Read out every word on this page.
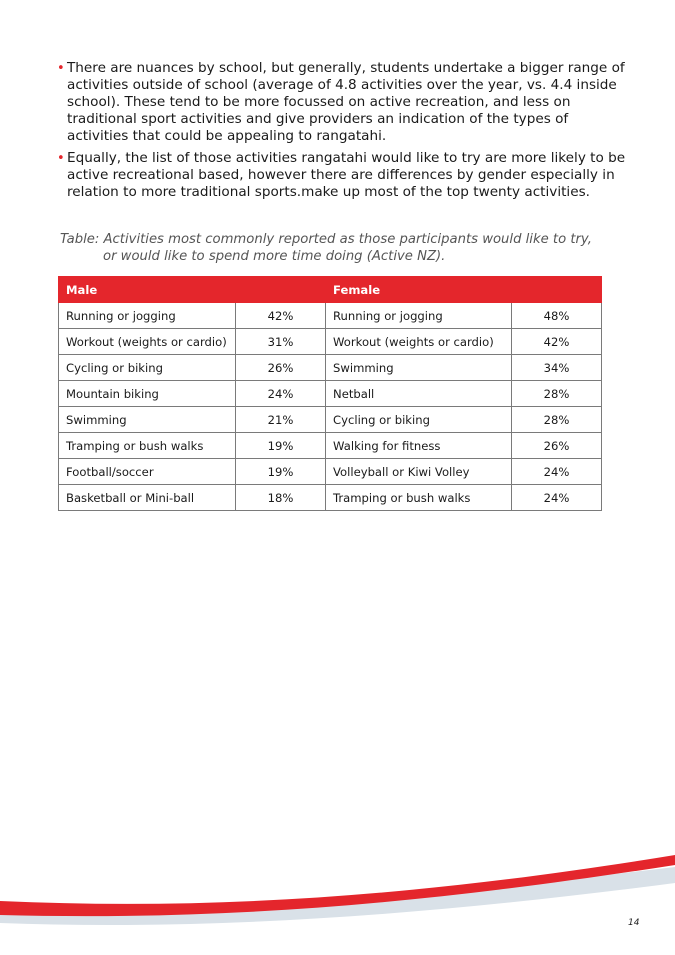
• There are nuances by school, but generally, students undertake a bigger range of activities outside of school (average of 4.8 activities over the year, vs. 4.4 inside school). These tend to be more focussed on active recreation, and less on traditional sport activities and give providers an indication of the types of activities that could be appealing to rangatahi.
• Equally, the list of those activities rangatahi would like to try are more likely to be active recreational based, however there are differences by gender especially in relation to more traditional sports.make up most of the top twenty activities.
Table: Activities most commonly reported as those participants would like to try,
or would like to spend more time doing (Active NZ).
Male		Female	
Running or jogging	42%	Running or jogging	48%
Workout (weights or cardio)	31%	Workout (weights or cardio)	42%
Cycling or biking	26%	Swimming	34%
Mountain biking	24%	Netball	28%
Swimming	21%	Cycling or biking	28%
Tramping or bush walks	19%	Walking for fitness	26%
Football/soccer	19%	Volleyball or Kiwi Volley	24%
Basketball or Mini-ball	18%	Tramping or bush walks	24%
14
